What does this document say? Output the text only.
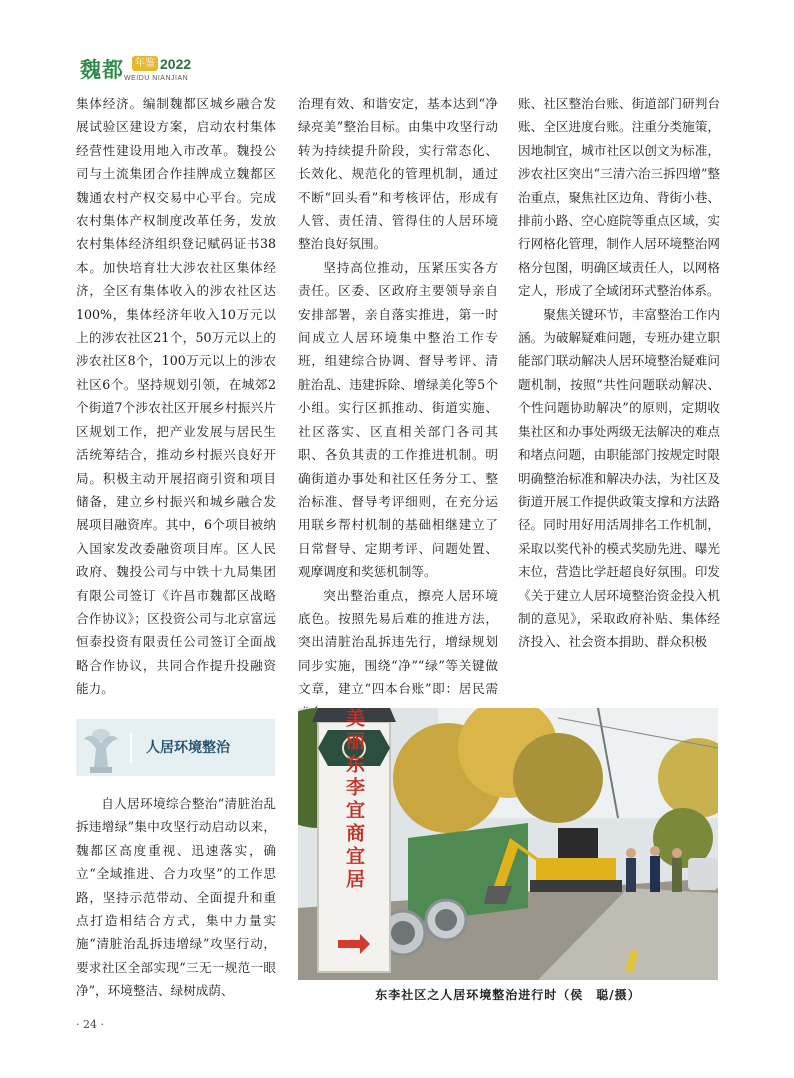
魏都	年鉴 2022
WEIDU NIANJIAN

集体经济。编制魏都区城乡融合发展试验区建设方案，启动农村集体经营性建设用地入市改革。魏投公司与土流集团合作挂牌成立魏都区魏通农村产权交易中心平台。完成农村集体产权制度改革任务，发放农村集体经济组织登记赋码证书38本。加快培育壮大涉农社区集体经济，全区有集体收入的涉农社区达100%，集体经济年收入10万元以上的涉农社区21个，50万元以上的涉农社区8个，100万元以上的涉农社区6个。坚持规划引领，在城郊2个街道7个涉农社区开展乡村振兴片区规划工作，把产业发展与居民生活统筹结合，推动乡村振兴良好开局。积极主动开展招商引资和项目储备，建立乡村振兴和城乡融合发展项目融资库。其中，6个项目被纳入国家发改委融资项目库。区人民政府、魏投公司与中铁十九局集团有限公司签订《许昌市魏都区战略合作协议》；区投资公司与北京富远恒泰投资有限责任公司签订全面战略合作协议，共同合作提升投融资能力。

人居环境整治

自人居环境综合整治“清脏治乱拆违增绿”集中攻坚行动启动以来，魏都区高度重视、迅速落实，确立“全域推进、合力攻坚”的工作思路，坚持示范带动、全面提升和重点打造相结合方式，集中力量实施“清脏治乱拆违增绿”攻坚行动，要求社区全部实现“三无一规范一眼净”，环境整洁、绿树成荫、

治理有效、和谐安定，基本达到“净绿亮美”整治目标。由集中攻坚行动转为持续提升阶段，实行常态化、长效化、规范化的管理机制，通过不断“回头看”和考核评估，形成有人管、责任清、管得住的人居环境整治良好氛围。

坚持高位推动，压紧压实各方责任。区委、区政府主要领导亲自安排部署，亲自落实推进，第一时间成立人居环境集中整治工作专班，组建综合协调、督导考评、清脏治乱、违建拆除、增绿美化等5个小组。实行区抓推动、街道实施、社区落实、区直相关部门各司其职、各负其责的工作推进机制。明确街道办事处和社区任务分工、整治标准、督导考评细则，在充分运用联乡帮村机制的基础相继建立了日常督导、定期考评、问题处置、观摩调度和奖惩机制等。

突出整治重点，擦亮人居环境底色。按照先易后难的推进方法，突出清脏治乱拆违先行，增绿规划同步实施，围绕“净”“绿”等关键做文章，建立“四本台账”即：居民需

账、社区整治台账、街道部门研判台账、全区进度台账。注重分类施策，因地制宜，城市社区以创文为标准，涉农社区突出“三清六治三拆四增”整治重点，聚焦社区边角、背街小巷、排前小路、空心庭院等重点区域，实行网格化管理，制作人居环境整治网格分包图，明确区域责任人，以网格定人，形成了全域闭环式整治体系。

聚焦关键环节，丰富整治工作内涵。为破解疑难问题，专班办建立职能部门联动解决人居环境整治疑难问题机制，按照“共性问题联动解决、个性问题协助解决”的原则，定期收集社区和办事处两级无法解决的难点和堵点问题，由职能部门按规定时限明确整治标准和解决办法，为社区及街道开展工作提供政策支撑和方法路径。同时用好用活周排名工作机制，采取以奖代补的模式奖励先进、曝光末位，营造比学赶超良好氛围。印发《关于建立人居环境整治资金投入机制的意见》，采取政府补贴、集体经济投入、社会资本捐助、群众积极

美丽东李宜商宜居
东李社区之人居环境整治进行时（侯　聪/摄）
· 24 ·
